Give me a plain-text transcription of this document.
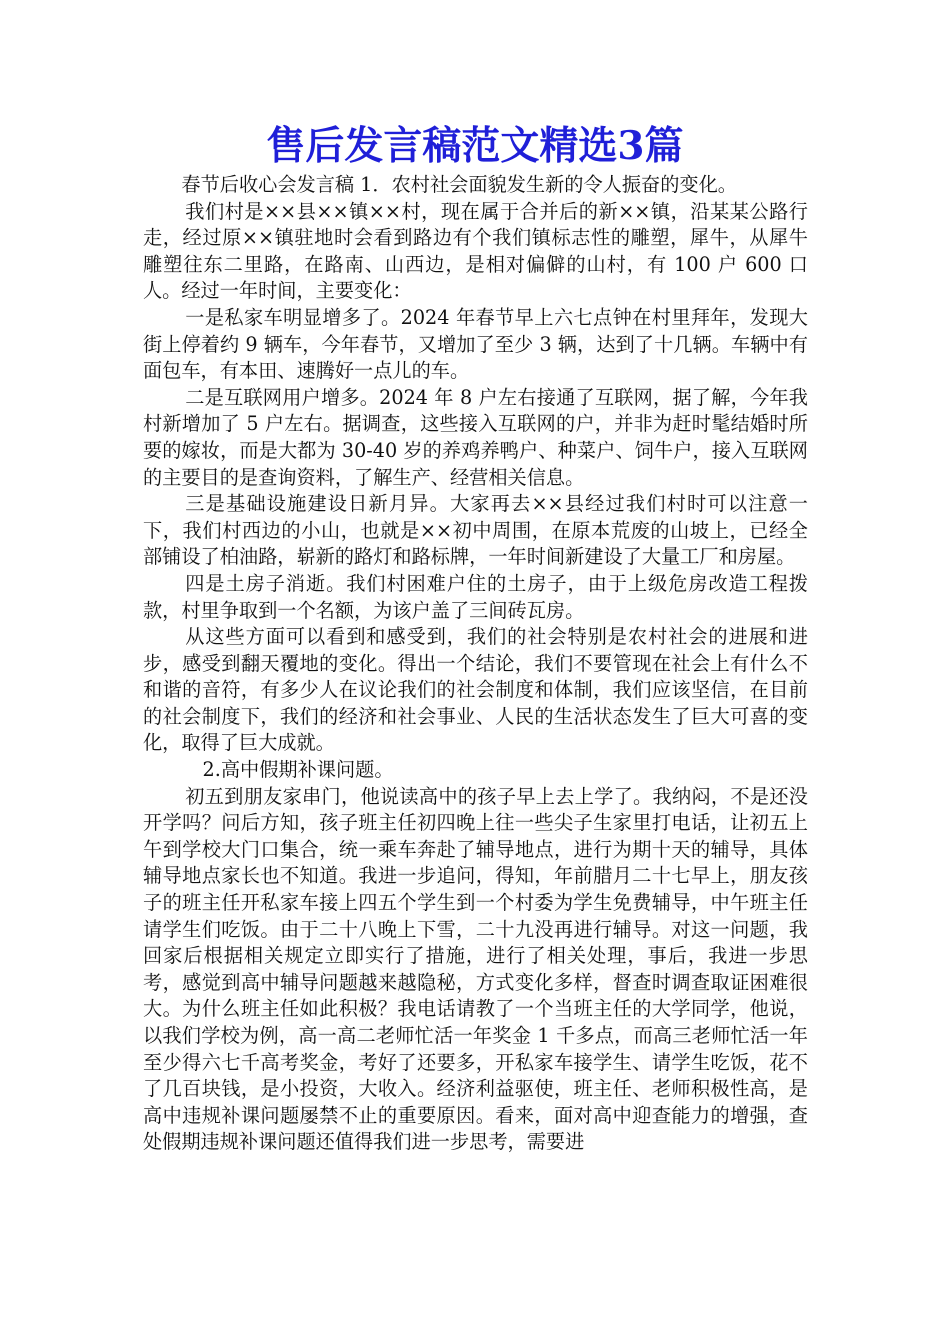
售后发言稿范文精选3篇

春节后收心会发言稿 1．农村社会面貌发生新的令人振奋的变化。

我们村是××县××镇××村，现在属于合并后的新××镇，沿某某公路行走，经过原××镇驻地时会看到路边有个我们镇标志性的雕塑，犀牛，从犀牛雕塑往东二里路，在路南、山西边，是相对偏僻的山村，有 100 户 600 口人。经过一年时间，主要变化：

一是私家车明显增多了。2024 年春节早上六七点钟在村里拜年，发现大街上停着约 9 辆车，今年春节，又增加了至少 3 辆，达到了十几辆。车辆中有面包车，有本田、速腾好一点儿的车。

二是互联网用户增多。2024 年 8 户左右接通了互联网，据了解，今年我村新增加了 5 户左右。据调查，这些接入互联网的户，并非为赶时髦结婚时所要的嫁妆，而是大都为 30-40 岁的养鸡养鸭户、种菜户、饲牛户，接入互联网的主要目的是查询资料，了解生产、经营相关信息。

三是基础设施建设日新月异。大家再去××县经过我们村时可以注意一下，我们村西边的小山，也就是××初中周围，在原本荒废的山坡上，已经全部铺设了柏油路，崭新的路灯和路标牌，一年时间新建设了大量工厂和房屋。

四是土房子消逝。我们村困难户住的土房子，由于上级危房改造工程拨款，村里争取到一个名额，为该户盖了三间砖瓦房。

从这些方面可以看到和感受到，我们的社会特别是农村社会的进展和进步，感受到翻天覆地的变化。得出一个结论，我们不要管现在社会上有什么不和谐的音符，有多少人在议论我们的社会制度和体制，我们应该坚信，在目前的社会制度下，我们的经济和社会事业、人民的生活状态发生了巨大可喜的变化，取得了巨大成就。

2.高中假期补课问题。

初五到朋友家串门，他说读高中的孩子早上去上学了。我纳闷，不是还没开学吗？问后方知，孩子班主任初四晚上往一些尖子生家里打电话，让初五上午到学校大门口集合，统一乘车奔赴了辅导地点，进行为期十天的辅导，具体辅导地点家长也不知道。我进一步追问，得知，年前腊月二十七早上，朋友孩子的班主任开私家车接上四五个学生到一个村委为学生免费辅导，中午班主任请学生们吃饭。由于二十八晚上下雪，二十九没再进行辅导。对这一问题，我回家后根据相关规定立即实行了措施，进行了相关处理，事后，我进一步思考，感觉到高中辅导问题越来越隐秘，方式变化多样，督查时调查取证困难很大。为什么班主任如此积极？我电话请教了一个当班主任的大学同学，他说，以我们学校为例，高一高二老师忙活一年奖金 1 千多点，而高三老师忙活一年至少得六七千高考奖金，考好了还要多，开私家车接学生、请学生吃饭，花不了几百块钱，是小投资，大收入。经济利益驱使，班主任、老师积极性高，是高中违规补课问题屡禁不止的重要原因。看来，面对高中迎查能力的增强，查处假期违规补课问题还值得我们进一步思考，需要进
